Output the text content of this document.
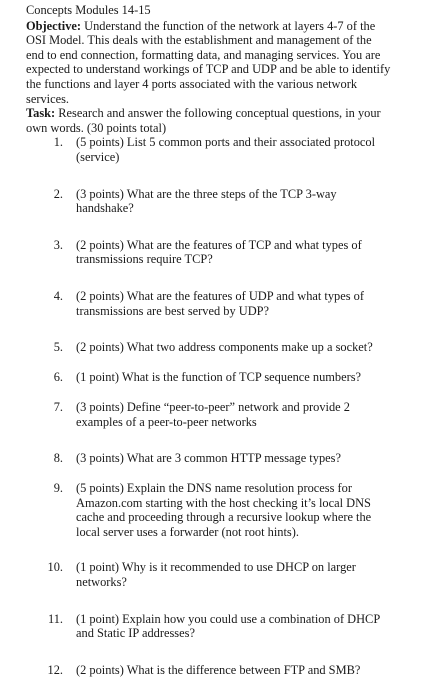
Concepts Modules 14-15

Objective: Understand the function of the network at layers 4-7 of the OSI Model. This deals with the establishment and management of the end to end connection, formatting data, and managing services. You are expected to understand workings of TCP and UDP and be able to identify the functions and layer 4 ports associated with the various network services.

Task: Research and answer the following conceptual questions, in your own words. (30 points total)

1. (5 points) List 5 common ports and their associated protocol (service)
2. (3 points) What are the three steps of the TCP 3-way handshake?
3. (2 points) What are the features of TCP and what types of transmissions require TCP?
4. (2 points) What are the features of UDP and what types of transmissions are best served by UDP?
5. (2 points) What two address components make up a socket?
6. (1 point) What is the function of TCP sequence numbers?
7. (3 points) Define “peer-to-peer” network and provide 2 examples of a peer-to-peer networks
8. (3 points) What are 3 common HTTP message types?
9. (5 points) Explain the DNS name resolution process for Amazon.com starting with the host checking it’s local DNS cache and proceeding through a recursive lookup where the local server uses a forwarder (not root hints).
10. (1 point) Why is it recommended to use DHCP on larger networks?
11. (1 point) Explain how you could use a combination of DHCP and Static IP addresses?
12. (2 points) What is the difference between FTP and SMB?
